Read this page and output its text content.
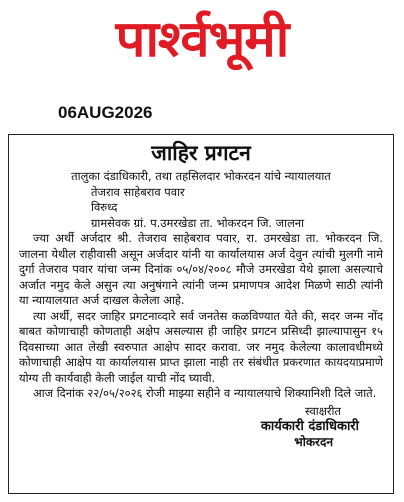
पार्श्वभूमी
06AUG2026

जाहिर प्रगटन

तालुका दंडाधिकारी, तथा तहसिलदार भोकरदन यांचे न्यायालयात

तेजराव साहेबराव पवार

विरुध्द

ग्रामसेवक ग्रां. प.उमरखेडा ता. भोकरदन जि. जालना

ज्या अर्थी अर्जदार श्री. तेजराव साहेबराव पवार, रा. उमरखेडा ता. भोकरदन जि. जालना येथील राहीवासी असून अर्जदार यांनी या कार्यालयास अर्ज देवुन त्यांची मुलगी नामे दुर्गा तेजराव पवार यांचा जन्म दिनांक ०५/०४/२००८ मौजे उमरखेडा येथे झाला असल्याचे अर्जात नमुद केले असुन त्या अनुषंगाने त्यांनी जन्म प्रमाणपत्र आदेश मिळणे साठी त्यांनी या न्यायालयात अर्ज दाखल केलेला आहे.

त्या अर्थी, सदर जाहिर प्रगटनाव्दारे सर्व जनतेस कळविण्यात येते की, सदर जन्म नोंद बाबत कोणाचाही कोणताही अक्षेप असल्यास ही जाहिर प्रगटन प्रसिध्दी झाल्यापासुन १५ दिवसाच्या आत लेखी स्वरुपात आक्षेप सादर करावा. जर नमुद केलेल्या कालावधीमध्ये कोणाचाही आक्षेप या कार्यालयास प्राप्त झाला नाही तर संबंधीत प्रकरणात कायदयाप्रमाणे योग्य ती कार्यवाही केली जाईल याची नोंद घ्यावी.

आज दिनांक २२/०५/२०२६ रोजी माझ्या सहीने व न्यायालयाचे शिक्यानिशी दिले जाते.

स्वाक्षरीत

कार्यकारी दंडाधिकारी

भोकरदन
